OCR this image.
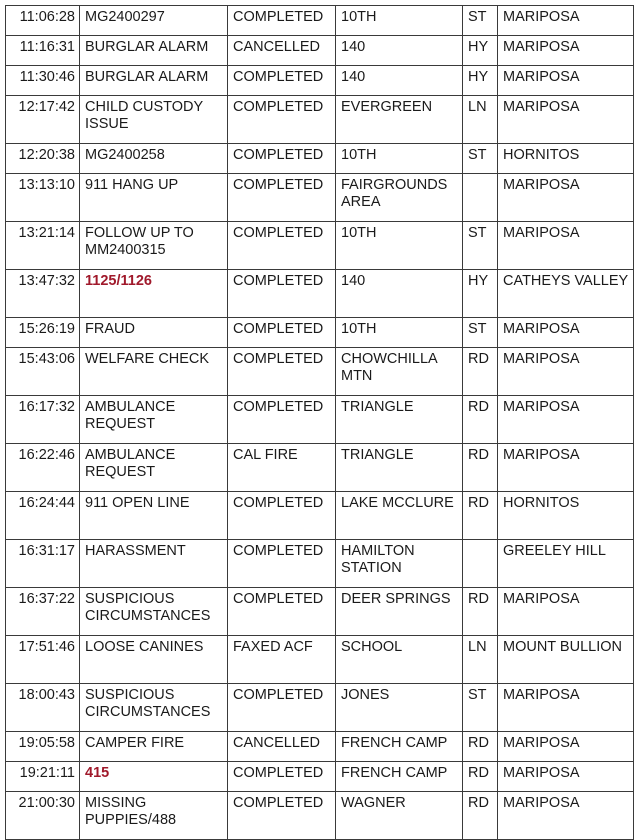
11:06:28	MG2400297	COMPLETED	10TH	ST	MARIPOSA
11:16:31	BURGLAR ALARM	CANCELLED	140	HY	MARIPOSA
11:30:46	BURGLAR ALARM	COMPLETED	140	HY	MARIPOSA
12:17:42	CHILD CUSTODY ISSUE	COMPLETED	EVERGREEN	LN	MARIPOSA
12:20:38	MG2400258	COMPLETED	10TH	ST	HORNITOS
13:13:10	911 HANG UP	COMPLETED	FAIRGROUNDS AREA		MARIPOSA
13:21:14	FOLLOW UP TO MM2400315	COMPLETED	10TH	ST	MARIPOSA
13:47:32	1125/1126	COMPLETED	140	HY	CATHEYS VALLEY
15:26:19	FRAUD	COMPLETED	10TH	ST	MARIPOSA
15:43:06	WELFARE CHECK	COMPLETED	CHOWCHILLA MTN	RD	MARIPOSA
16:17:32	AMBULANCE REQUEST	COMPLETED	TRIANGLE	RD	MARIPOSA
16:22:46	AMBULANCE REQUEST	CAL FIRE	TRIANGLE	RD	MARIPOSA
16:24:44	911 OPEN LINE	COMPLETED	LAKE MCCLURE	RD	HORNITOS
16:31:17	HARASSMENT	COMPLETED	HAMILTON STATION		GREELEY HILL
16:37:22	SUSPICIOUS CIRCUMSTANCES	COMPLETED	DEER SPRINGS	RD	MARIPOSA
17:51:46	LOOSE CANINES	FAXED ACF	SCHOOL	LN	MOUNT BULLION
18:00:43	SUSPICIOUS CIRCUMSTANCES	COMPLETED	JONES	ST	MARIPOSA
19:05:58	CAMPER FIRE	CANCELLED	FRENCH CAMP	RD	MARIPOSA
19:21:11	415	COMPLETED	FRENCH CAMP	RD	MARIPOSA
21:00:30	MISSING PUPPIES/488	COMPLETED	WAGNER	RD	MARIPOSA
